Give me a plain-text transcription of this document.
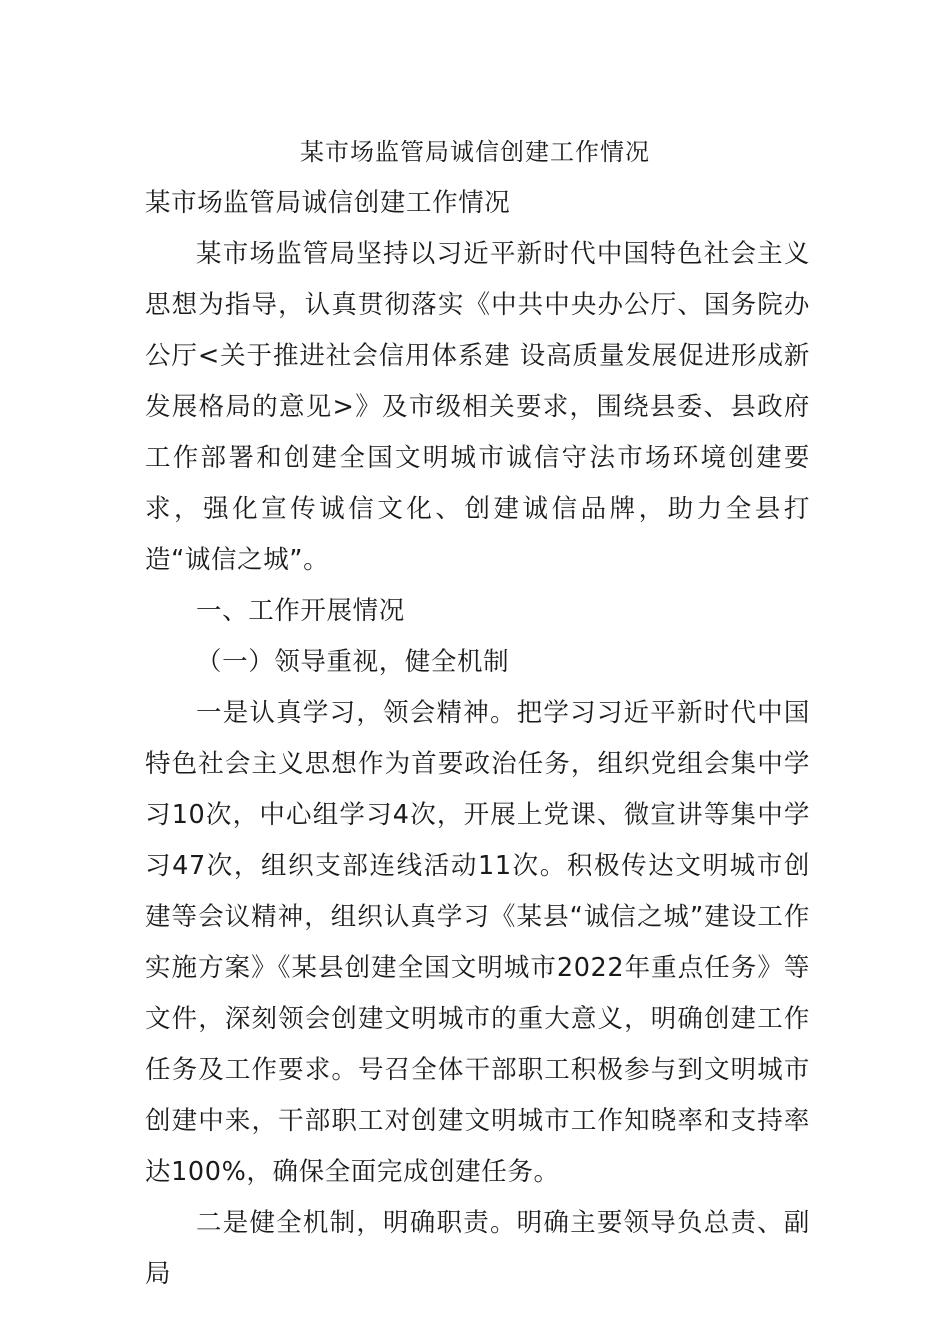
某市场监管局诚信创建工作情况

某市场监管局诚信创建工作情况

某市场监管局坚持以习近平新时代中国特色社会主义思想为指导，认真贯彻落实《中共中央办公厅、国务院办公厅<关于推进社会信用体系建 设高质量发展促进形成新发展格局的意见>》及市级相关要求，围绕县委、县政府工作部署和创建全国文明城市诚信守法市场环境创建要求，强化宣传诚信文化、创建诚信品牌，助力全县打造“诚信之城”。

一、工作开展情况

（一）领导重视，健全机制

一是认真学习，领会精神。把学习习近平新时代中国特色社会主义思想作为首要政治任务，组织党组会集中学习10次，中心组学习4次，开展上党课、微宣讲等集中学习47次，组织支部连线活动11次。积极传达文明城市创建等会议精神，组织认真学习《某县“诚信之城”建设工作实施方案》《某县创建全国文明城市2022年重点任务》等文件，深刻领会创建文明城市的重大意义，明确创建工作任务及工作要求。号召全体干部职工积极参与到文明城市创建中来，干部职工对创建文明城市工作知晓率和支持率达100%，确保全面完成创建任务。

二是健全机制，明确职责。明确主要领导负总责、副局
